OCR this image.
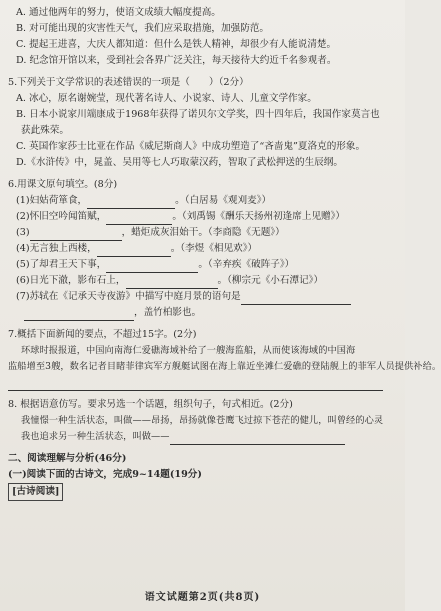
A. 通过他两年的努力，使语文成绩大幅度提高。
B. 对可能出现的灾害性天气，我们应采取措施，加强防范。
C. 提起王进喜，大庆人都知道：但什么是铁人精神，却很少有人能说清楚。
D. 纪念馆开馆以来，受到社会各界广泛关注，每天接待大约近千名参观者。
5.下列关于文学常识的表述错误的一项是（　　）（2分）
A. 冰心，原名谢婉莹，现代著名诗人、小说家、诗人、儿童文学作家。
B. 日本小说家川端康成于1968年获得了诺贝尔文学奖，四十四年后，我国作家莫言也
获此殊荣。
C. 英国作家莎士比亚在作品《威尼斯商人》中成功塑造了“吝啬鬼”夏洛克的形象。
D.《水浒传》中，晁盖、吴用等七人巧取蒙汉药，智取了武松押送的生辰纲。
6.用课文原句填空。(8分)
(1)妇姑荷箪食，	。（白居易《观刈麦》）
(2)怀旧空吟闻笛赋，	。（刘禹锡《酬乐天扬州初逢席上见赠》）
(3)	，蜡炬成灰泪始干。（李商隐《无题》）
(4)无言独上西楼，	。（李煜《相见欢》）
(5)了却君王天下事，	。（辛弃疾《破阵子》）
(6)日光下澈，影布石上，	。（柳宗元《小石潭记》）
(7)苏轼在《记承天寺夜游》中描写中庭月景的语句是
，盖竹柏影也。
7.概括下面新闻的要点，不超过15字。(2分)
环球时报报道，中国向南海仁爱礁海域补给了一艘海监船，从而使该海域的中国海
监船增至3艘，数名记者目睹菲律宾军方舰艇试图在海上靠近坐滩仁爱礁的登陆舰上的菲军人员提供补给。
8. 根据语意仿写。要求另选一个话题，组织句子，句式相近。(2分)
我憧憬一种生活状态，叫做——昂扬，昂扬就像苍鹰飞过掠下苍茫的健儿，叫曾经的心灵
我也追求另一种生活状态，叫做——
二、阅读理解与分析(46分)
(一)阅读下面的古诗文，完成9~14题(19分)
[古诗阅读]
语文试题第2页(共8页)
